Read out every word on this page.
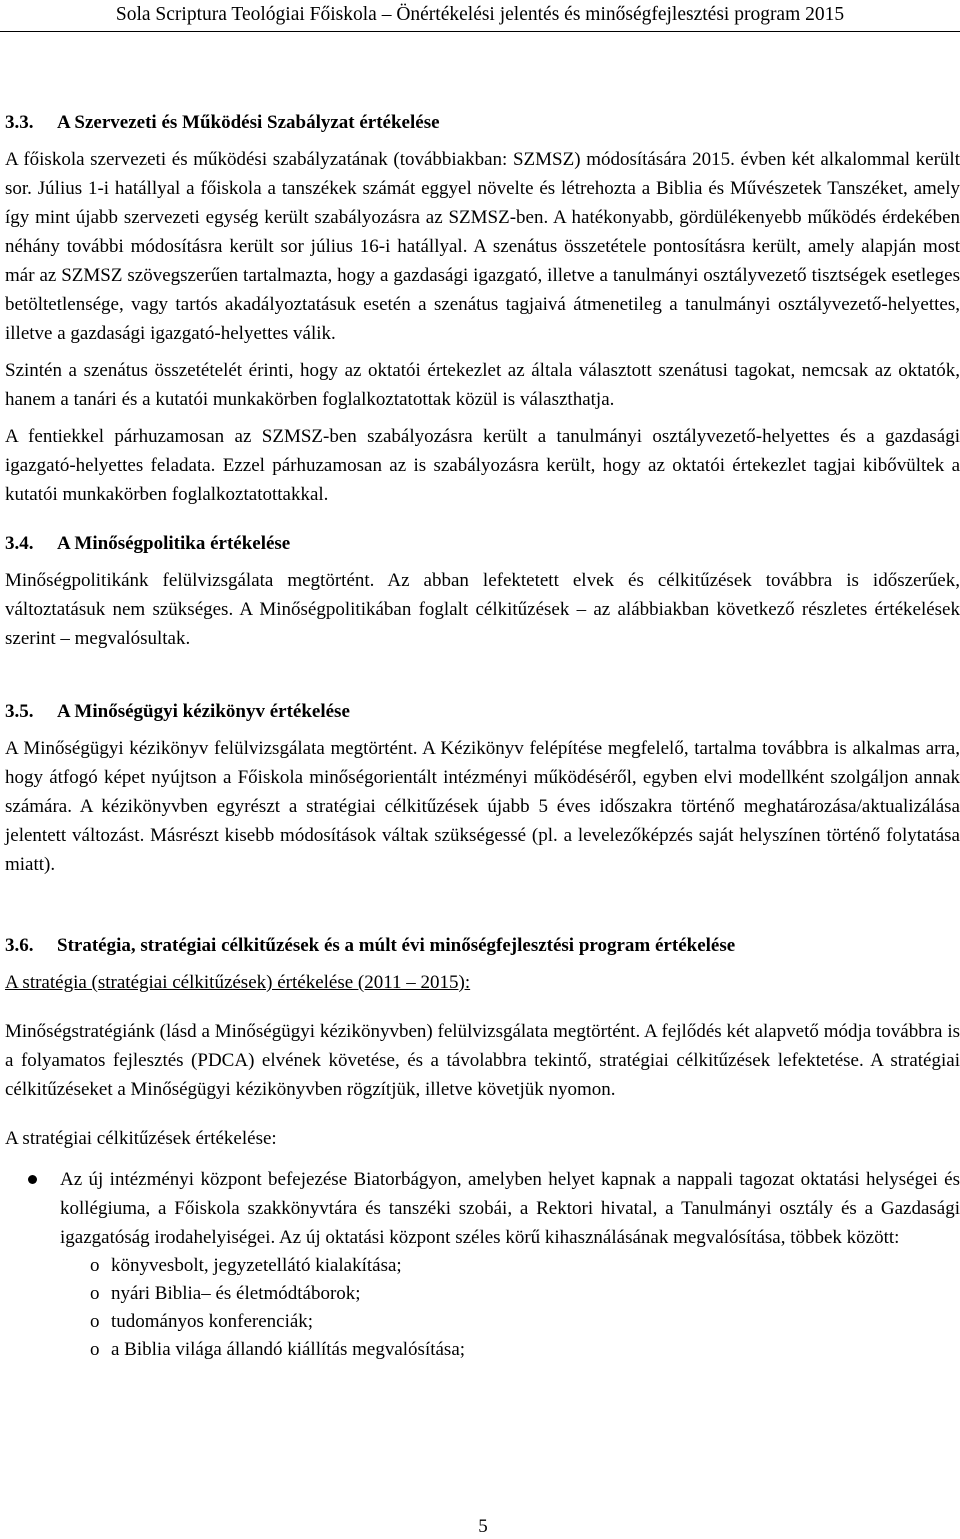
Sola Scriptura Teológiai Főiskola – Önértékelési jelentés és minőségfejlesztési program 2015
3.3. A Szervezeti és Működési Szabályzat értékelése

A főiskola szervezeti és működési szabályzatának (továbbiakban: SZMSZ) módosítására 2015. évben két alkalommal került sor. Július 1-i hatállyal a főiskola a tanszékek számát eggyel növelte és létrehozta a Biblia és Művészetek Tanszéket, amely így mint újabb szervezeti egység került szabályozásra az SZMSZ-ben. A hatékonyabb, gördülékenyebb működés érdekében néhány további módosításra került sor július 16-i hatállyal. A szenátus összetétele pontosításra került, amely alapján most már az SZMSZ szövegszerűen tartalmazta, hogy a gazdasági igazgató, illetve a tanulmányi osztályvezető tisztségek esetleges betöltetlensége, vagy tartós akadályoztatásuk esetén a szenátus tagjaivá átmenetileg a tanulmányi osztályvezető-helyettes, illetve a gazdasági igazgató-helyettes válik.

Szintén a szenátus összetételét érinti, hogy az oktatói értekezlet az általa választott szenátusi tagokat, nemcsak az oktatók, hanem a tanári és a kutatói munkakörben foglalkoztatottak közül is választhatja.

A fentiekkel párhuzamosan az SZMSZ-ben szabályozásra került a tanulmányi osztályvezető-helyettes és a gazdasági igazgató-helyettes feladata. Ezzel párhuzamosan az is szabályozásra került, hogy az oktatói értekezlet tagjai kibővültek a kutatói munkakörben foglalkoztatottakkal.

3.4. A Minőségpolitika értékelése

Minőségpolitikánk felülvizsgálata megtörtént. Az abban lefektetett elvek és célkitűzések továbbra is időszerűek, változtatásuk nem szükséges. A Minőségpolitikában foglalt célkitűzések – az alábbiakban következő részletes értékelések szerint – megvalósultak.

3.5. A Minőségügyi kézikönyv értékelése

A Minőségügyi kézikönyv felülvizsgálata megtörtént. A Kézikönyv felépítése megfelelő, tartalma továbbra is alkalmas arra, hogy átfogó képet nyújtson a Főiskola minőségorientált intézményi működéséről, egyben elvi modellként szolgáljon annak számára. A kézikönyvben egyrészt a stratégiai célkitűzések újabb 5 éves időszakra történő meghatározása/aktualizálása jelentett változást. Másrészt kisebb módosítások váltak szükségessé (pl. a levelezőképzés saját helyszínen történő folytatása miatt).

3.6. Stratégia, stratégiai célkitűzések és a múlt évi minőségfejlesztési program értékelése

A stratégia (stratégiai célkitűzések) értékelése (2011 – 2015):

Minőségstratégiánk (lásd a Minőségügyi kézikönyvben) felülvizsgálata megtörtént. A fejlődés két alapvető módja továbbra is a folyamatos fejlesztés (PDCA) elvének követése, és a távolabbra tekintő, stratégiai célkitűzések lefektetése. A stratégiai célkitűzéseket a Minőségügyi kézikönyvben rögzítjük, illetve követjük nyomon.

A stratégiai célkitűzések értékelése:

Az új intézményi központ befejezése Biatorbágyon, amelyben helyet kapnak a nappali tagozat oktatási helységei és kollégiuma, a Főiskola szakkönyvtára és tanszéki szobái, a Rektori hivatal, a Tanulmányi osztály és a Gazdasági igazgatóság irodahelyiségei. Az új oktatási központ széles körű kihasználásának megvalósítása, többek között:
o könyvesbolt, jegyzetellátó kialakítása;
o nyári Biblia– és életmódtáborok;
o tudományos konferenciák;
o a Biblia világa állandó kiállítás megvalósítása;
5
